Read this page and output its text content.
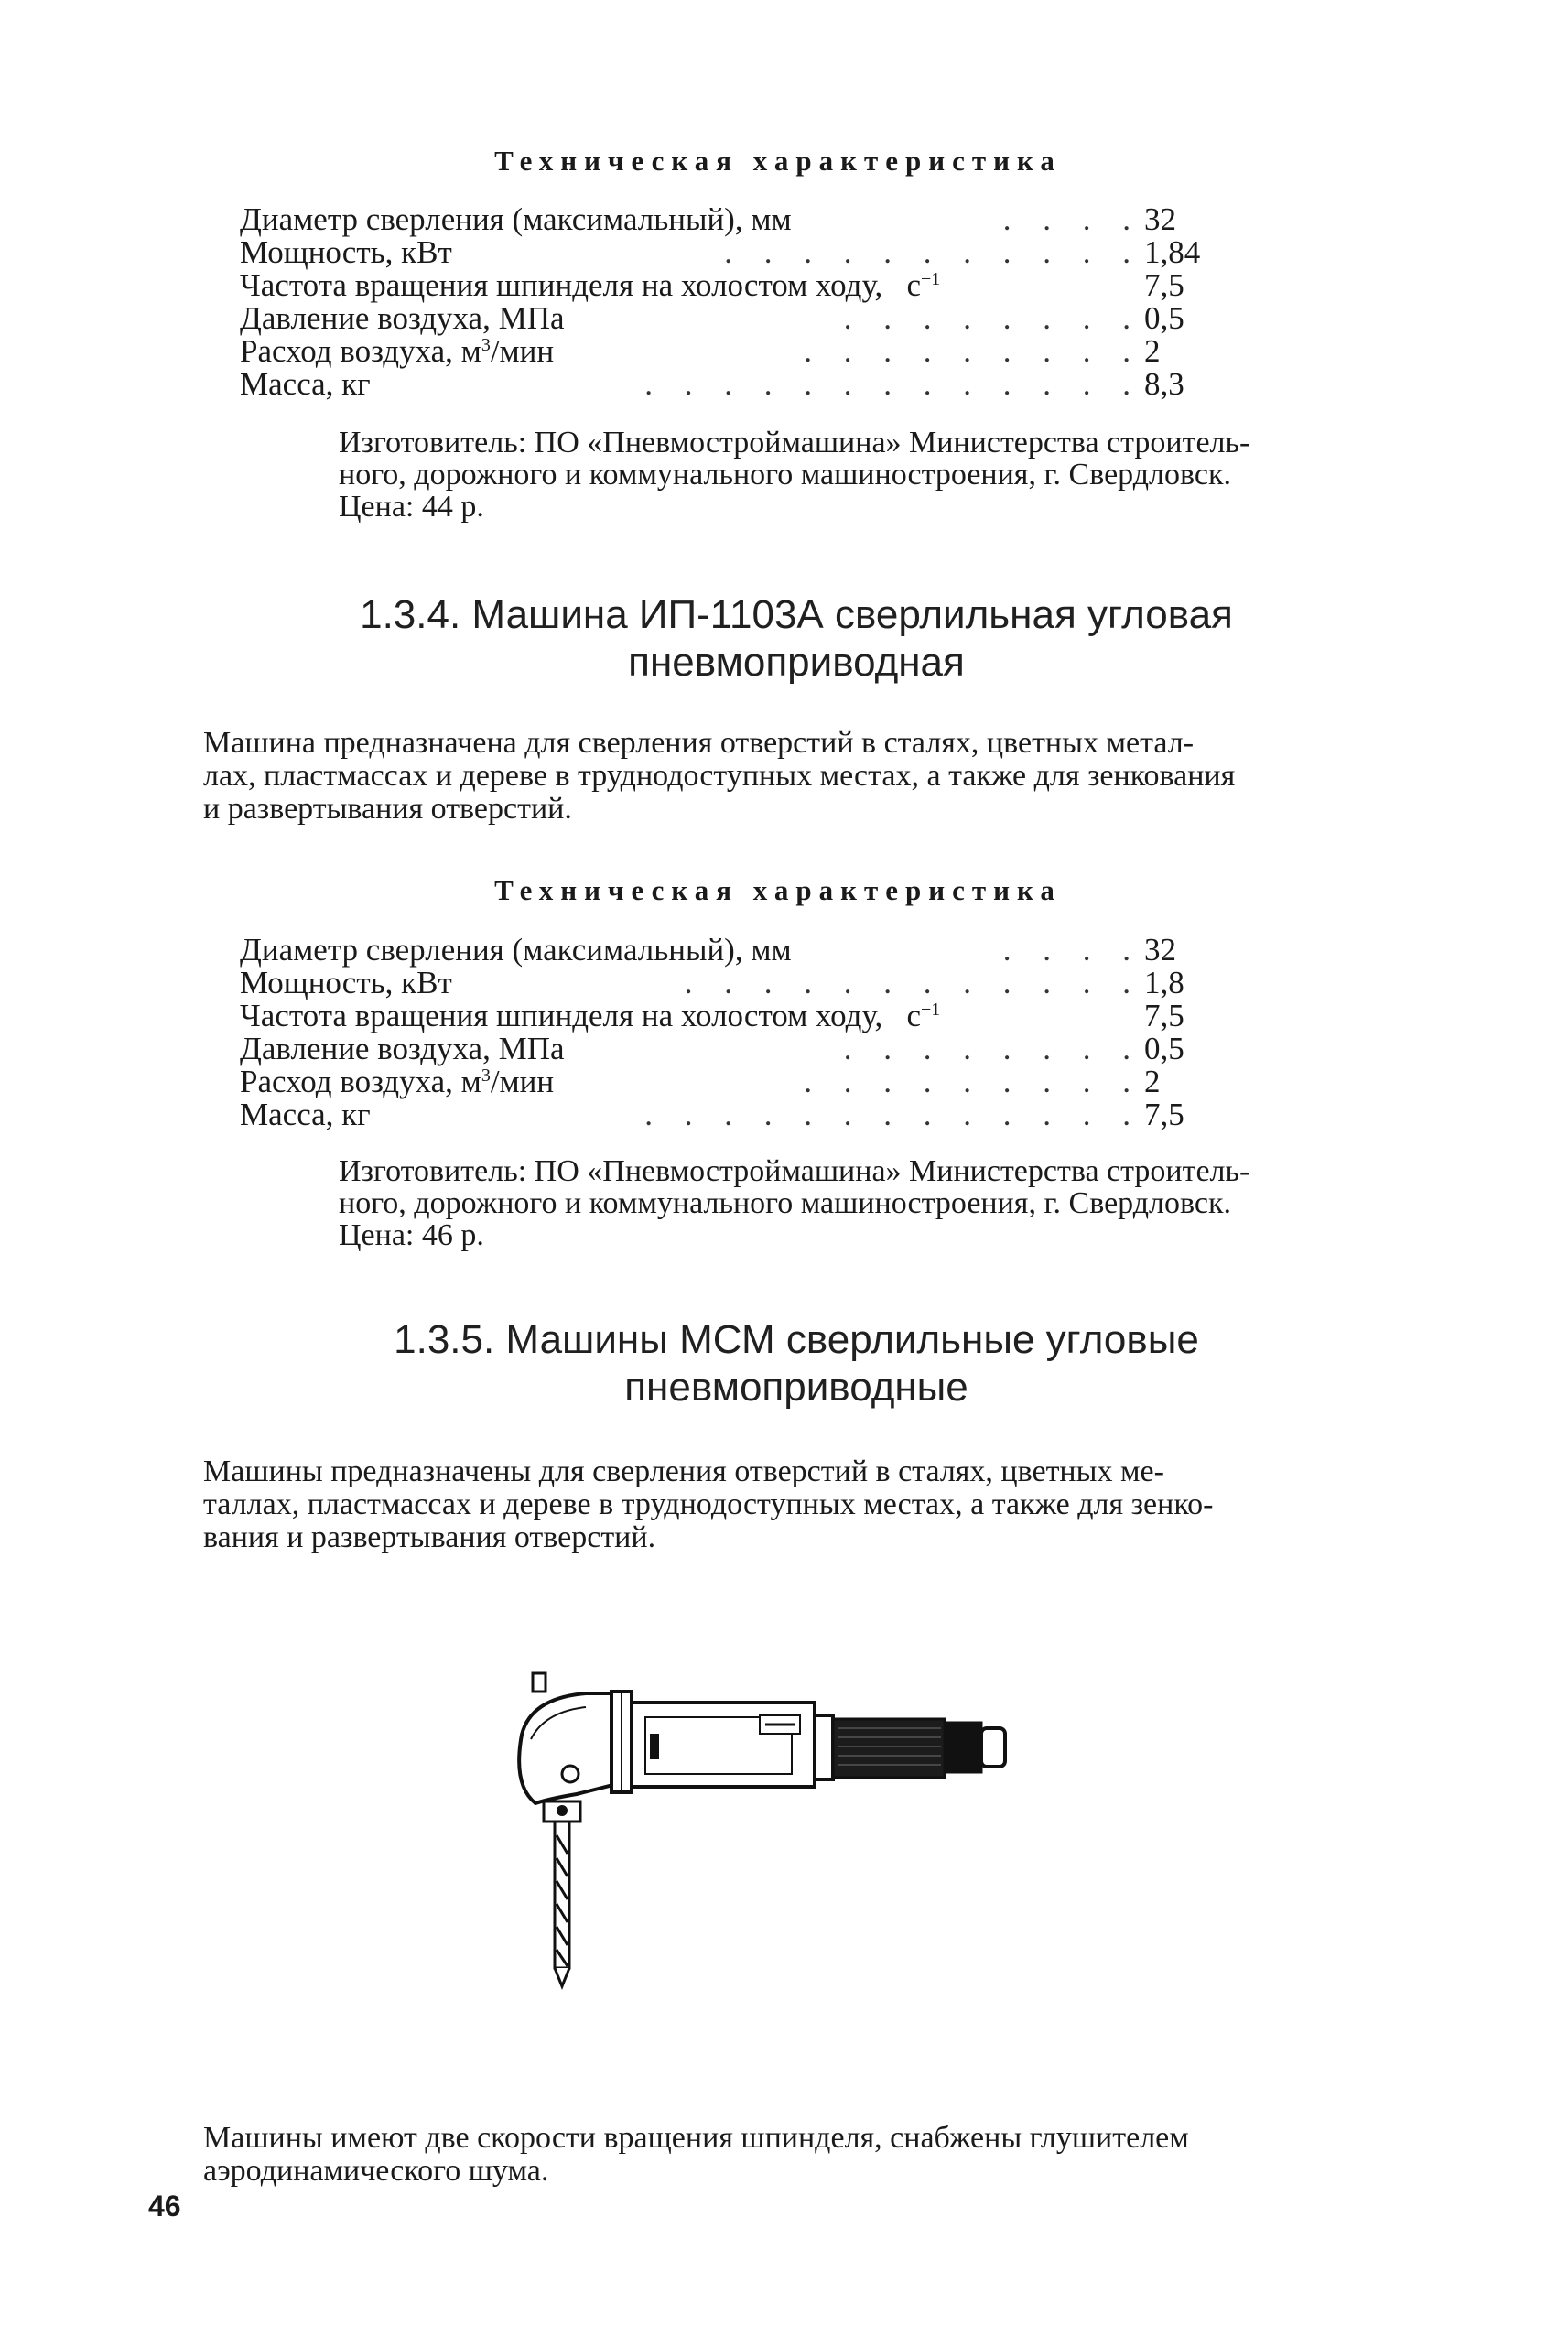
Техническая характеристика
Диаметр сверления (максимальный), мм	. . . . 32
Мощность, кВт	. . . . . . . . . . . 1,84
Частота вращения шпинделя на холостом ходу, $с^{-1}$	7,5
Давление воздуха, МПа	. . . . . . . . 0,5
Расход воздуха, $м^3$/мин	. . . . . . . . . 2
Масса, кг	. . . . . . . . . . . . . 8,3

Изготовитель: ПО «Пневмостроймашина» Министерства строитель-

ного, дорожного и коммунального машиностроения, г. Свердловск.

Цена: 44 р.

1.3.4. Машина ИП-1103А сверлильная угловая
пневмоприводная

Машина предназначена для сверления отверстий в сталях, цветных метал-

лах, пластмассах и дереве в труднодоступных местах, а также для зенкования

и развертывания отверстий.

Техническая характеристика
Диаметр сверления (максимальный), мм	. . . . 32
Мощность, кВт	. . . . . . . . . . . . 1,8
Частота вращения шпинделя на холостом ходу, $с^{-1}$	7,5
Давление воздуха, МПа	. . . . . . . . 0,5
Расход воздуха, $м^3$/мин	. . . . . . . . . 2
Масса, кг	. . . . . . . . . . . . . 7,5

Изготовитель: ПО «Пневмостроймашина» Министерства строитель-

ного, дорожного и коммунального машиностроения, г. Свердловск.

Цена: 46 р.

1.3.5. Машины МСМ сверлильные угловые
пневмоприводные

Машины предназначены для сверления отверстий в сталях, цветных ме-

таллах, пластмассах и дереве в труднодоступных местах, а также для зенко-

вания и развертывания отверстий.

Машины имеют две скорости вращения шпинделя, снабжены глушителем

аэродинамического шума.

46
